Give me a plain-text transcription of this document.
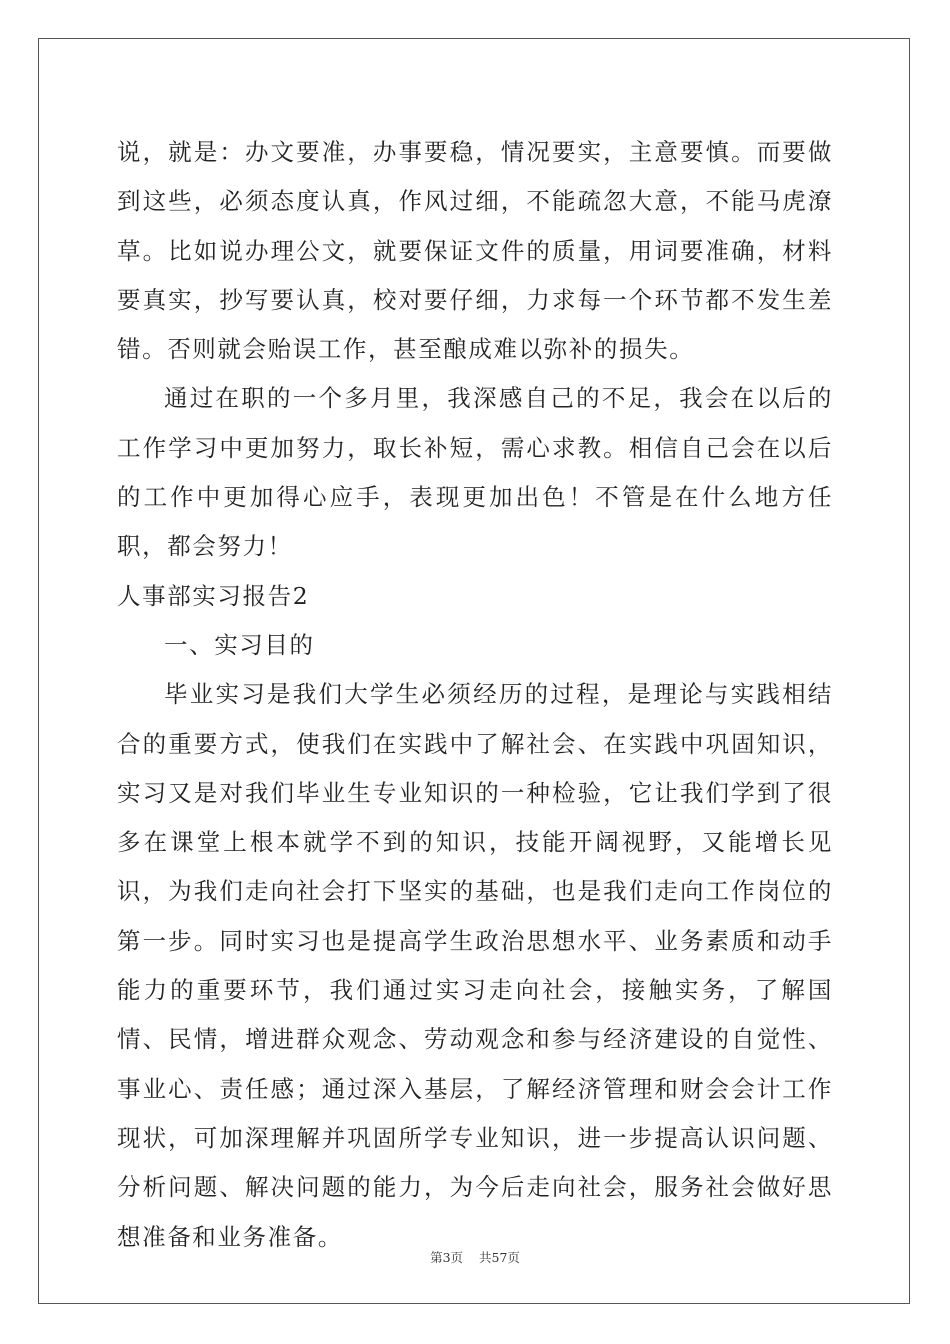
说，就是：办文要准，办事要稳，情况要实，主意要慎。而要做到这些，必须态度认真，作风过细，不能疏忽大意，不能马虎潦草。比如说办理公文，就要保证文件的质量，用词要准确，材料要真实，抄写要认真，校对要仔细，力求每一个环节都不发生差错。否则就会贻误工作，甚至酿成难以弥补的损失。

通过在职的一个多月里，我深感自己的不足，我会在以后的工作学习中更加努力，取长补短，需心求教。相信自己会在以后的工作中更加得心应手，表现更加出色！不管是在什么地方任职，都会努力！

人事部实习报告2

一、实习目的

毕业实习是我们大学生必须经历的过程，是理论与实践相结合的重要方式，使我们在实践中了解社会、在实践中巩固知识，实习又是对我们毕业生专业知识的一种检验，它让我们学到了很多在课堂上根本就学不到的知识，技能开阔视野，又能增长见识，为我们走向社会打下坚实的基础，也是我们走向工作岗位的第一步。同时实习也是提高学生政治思想水平、业务素质和动手能力的重要环节，我们通过实习走向社会，接触实务，了解国情、民情，增进群众观念、劳动观念和参与经济建设的自觉性、事业心、责任感；通过深入基层，了解经济管理和财会会计工作现状，可加深理解并巩固所学专业知识，进一步提高认识问题、分析问题、解决问题的能力，为今后走向社会，服务社会做好思想准备和业务准备。

第3页 共57页
